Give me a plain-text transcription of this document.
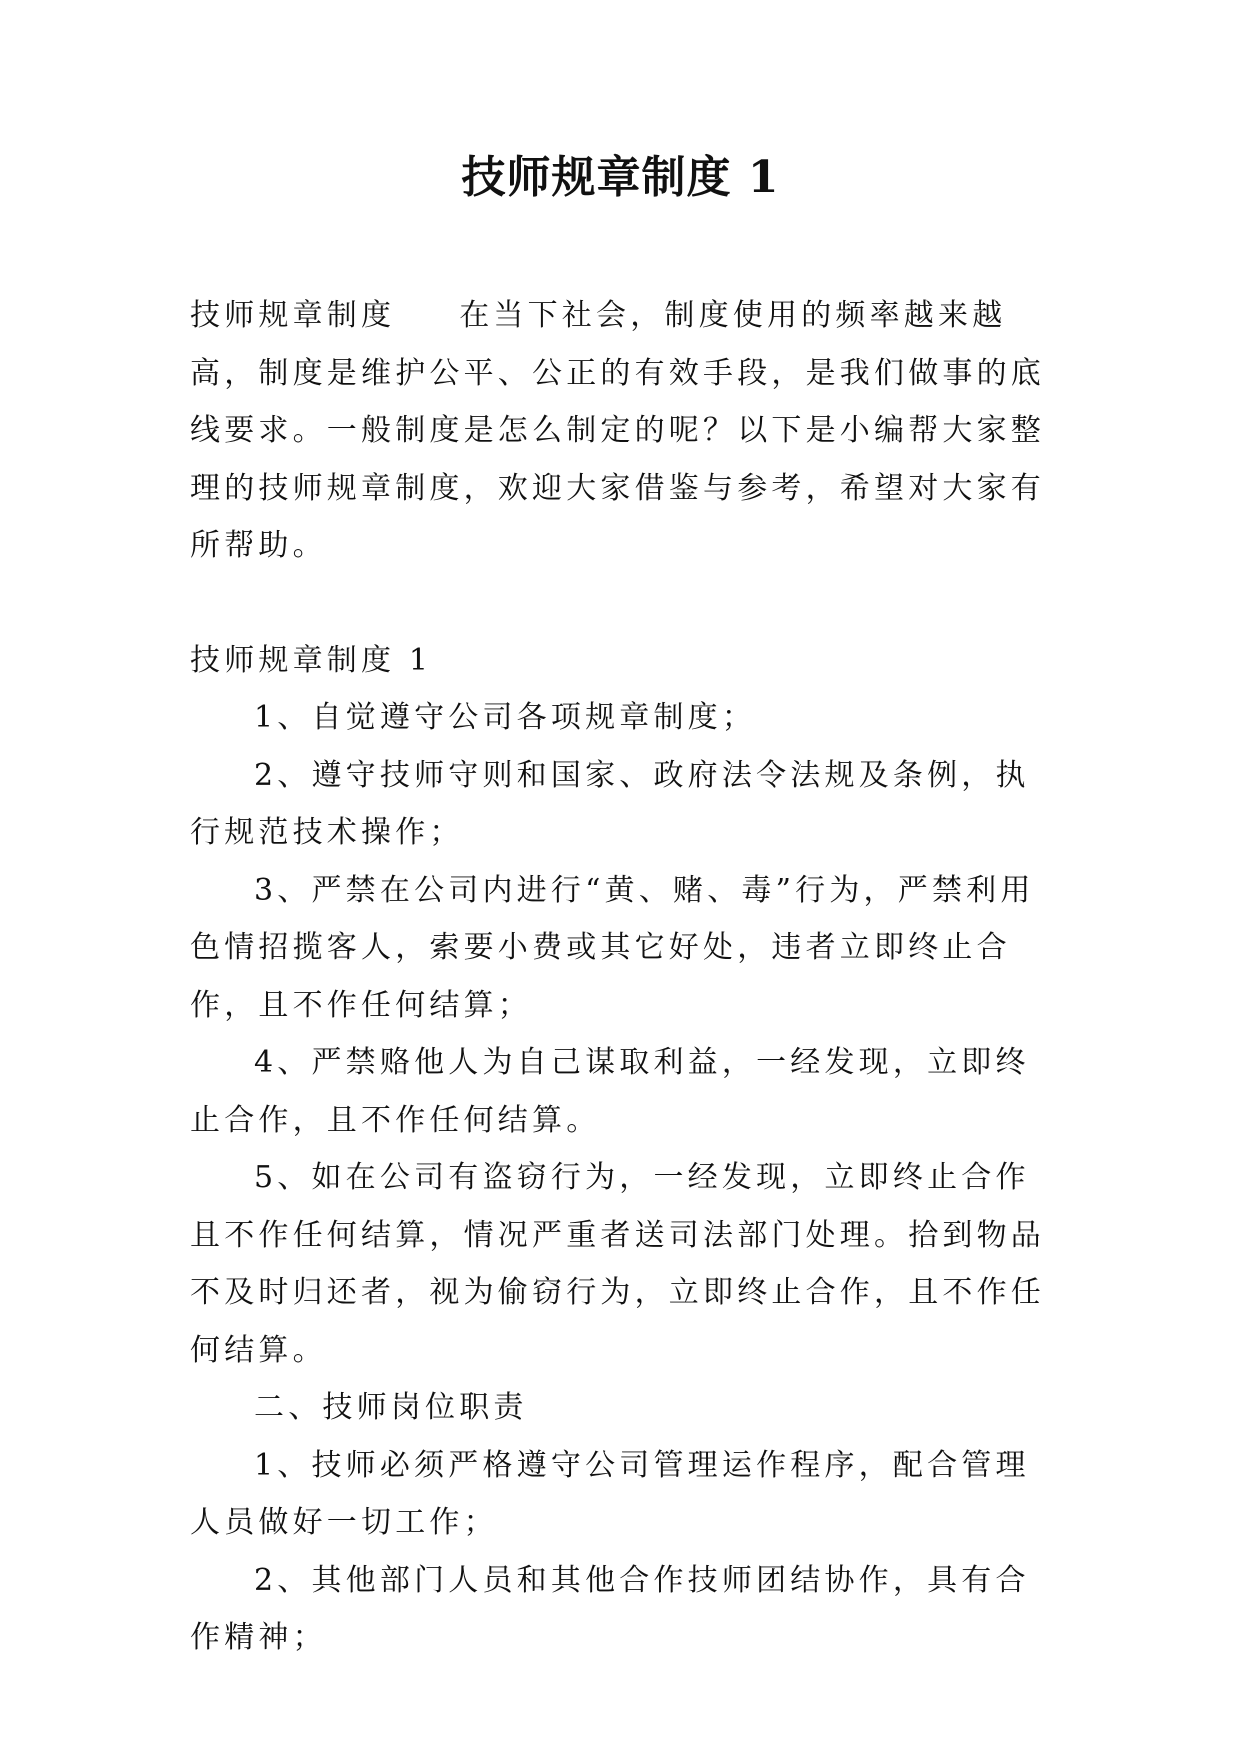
技师规章制度 1

技师规章制度 在当下社会，制度使用的频率越来越高，制度是维护公平、公正的有效手段，是我们做事的底线要求。一般制度是怎么制定的呢？以下是小编帮大家整理的技师规章制度，欢迎大家借鉴与参考，希望对大家有所帮助。

技师规章制度 1

1、自觉遵守公司各项规章制度；

2、遵守技师守则和国家、政府法令法规及条例，执行规范技术操作；

3、严禁在公司内进行“黄、赌、毒”行为，严禁利用色情招揽客人，索要小费或其它好处，违者立即终止合作，且不作任何结算；

4、严禁赂他人为自己谋取利益，一经发现，立即终止合作，且不作任何结算。

5、如在公司有盗窃行为，一经发现，立即终止合作且不作任何结算，情况严重者送司法部门处理。拾到物品不及时归还者，视为偷窃行为，立即终止合作，且不作任何结算。

二、技师岗位职责

1、技师必须严格遵守公司管理运作程序，配合管理人员做好一切工作；

2、其他部门人员和其他合作技师团结协作，具有合作精神；
